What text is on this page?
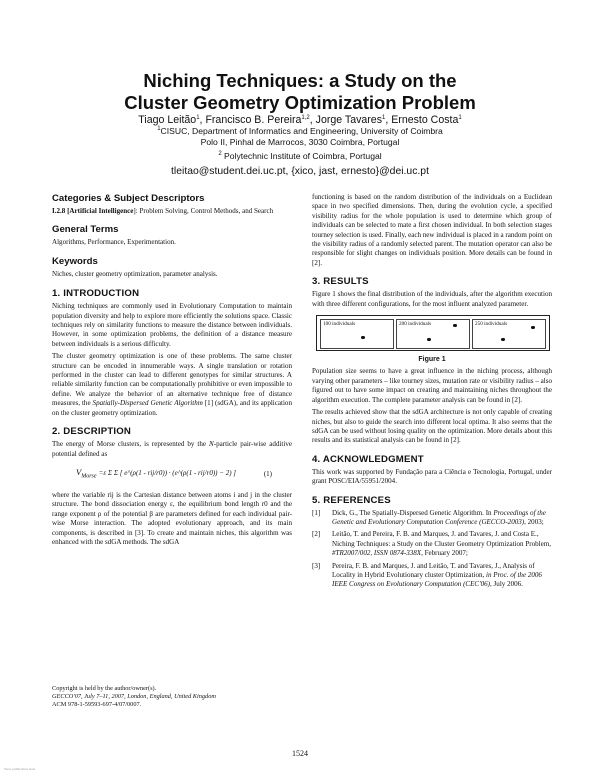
Niching Techniques: a Study on the
Cluster Geometry Optimization Problem
Tiago Leitão$^1$, Francisco B. Pereira$^{1,2}$, Jorge Tavares$^1$, Ernesto Costa$^1$
$^1$CISUC, Department of Informatics and Engineering, University of Coimbra
Polo II, Pinhal de Marrocos, 3030 Coimbra, Portugal
$^2$ Polytechnic Institute of Coimbra, Portugal
tleitao@student.dei.uc.pt, {xico, jast, ernesto}@dei.uc.pt
Categories & Subject Descriptors

I.2.8 [Artificial Intelligence]: Problem Solving, Control Methods, and Search

General Terms

Algorithms, Performance, Experimentation.

Keywords

Niches, cluster geometry optimization, parameter analysis.

1. INTRODUCTION

Niching techniques are commonly used in Evolutionary Computation to maintain population diversity and help to explore more efficiently the solutions space. Classic techniques rely on similarity functions to measure the distance between individuals. However, in some optimization problems, the definition of a distance measure between individuals is a serious difficulty.

The cluster geometry optimization is one of these problems. The same cluster structure can be encoded in innumerable ways. A single translation or rotation performed in the cluster can lead to different genotypes for similar structures. A reliable similarity function can be computationally prohibitive or even impossible to define. We analyze the behavior of an alternative technique free of distance measures, the Spatially-Dispersed Genetic Algorithm [1] (sdGA), and its application on the cluster geometry optimization.

2. DESCRIPTION

The energy of Morse clusters, is represented by the N-particle pair-wise additive potential defined as

$V_{Morse} =\varepsilon$ Σ Σ [ e^(ρ(1 - rij/r0)) · (e^(ρ(1 - rij/r0)) − 2) ]	(1)

where the variable rij is the Cartesian distance between atoms i and j in the cluster structure. The bond dissociation energy ε, the equilibrium bond length r0 and the range exponent ρ of the potential β are parameters defined for each individual pair-wise Morse interaction. The adopted evolutionary approach, and its main components, is described in [3]. To create and maintain niches, this algorithm was enhanced with the sdGA methods. The sdGA

Copyright is held by the author/owner(s).
GECCO'07, July 7–11, 2007, London, England, United Kingdom
ACM 978-1-59593-697-4/07/0007.

functioning is based on the random distribution of the individuals on a Euclidean space in two specified dimensions. Then, during the evolution cycle, a specified visibility radius for the whole population is used to determine which group of individuals can be selected to mate a first chosen individual. In both selection stages tourney selection is used. Finally, each new individual is placed in a random point on the visibility radius of a randomly selected parent. The mutation operator can also be responsible for slight changes on individuals position. More details can be found in [2].

3. RESULTS

Figure 1 shows the final distribution of the individuals, after the algorithm execution with three different configurations, for the most influent analyzed parameter.

100 individuals	200 individuals	250 individuals
Figure 1

Population size seems to have a great influence in the niching process, although varying other parameters – like tourney sizes, mutation rate or visibility radius – also figured out to have some impact on creating and maintaining niches throughout the algorithm execution. The complete parameter analysis can be found in [2].

The results achieved show that the sdGA architecture is not only capable of creating niches, but also to guide the search into different local optima. It also seems that the sdGA can be used without losing quality on the optimization. More details about this results and its statistical analysis can be found in [2].

4. ACKNOWLEDGMENT

This work was supported by Fundação para a Ciência e Tecnologia, Portugal, under grant POSC/EIA/55951/2004.

5. REFERENCES
[1] Dick, G., The Spatially-Dispersed Genetic Algorithm. In Proceedings of the Genetic and Evolutionary Computation Conference (GECCO-2003), 2003;
[2] Leitão, T. and Pereira, F. B. and Marques, J. and Tavares, J. and Costa E., Niching Techniques: a Study on the Cluster Geometry Optimization Problem, #TR2007/002, ISSN 0874-338X, February 2007;
[3] Pereira, F. B. and Marques, J. and Leitão, T. and Tavares, J., Analysis of Locality in Hybrid Evolutionary cluster Optimization, in Proc. of the 2006 IEEE Congress on Evolutionary Computation (CEC'06), July 2006.
1524
View publication stats
